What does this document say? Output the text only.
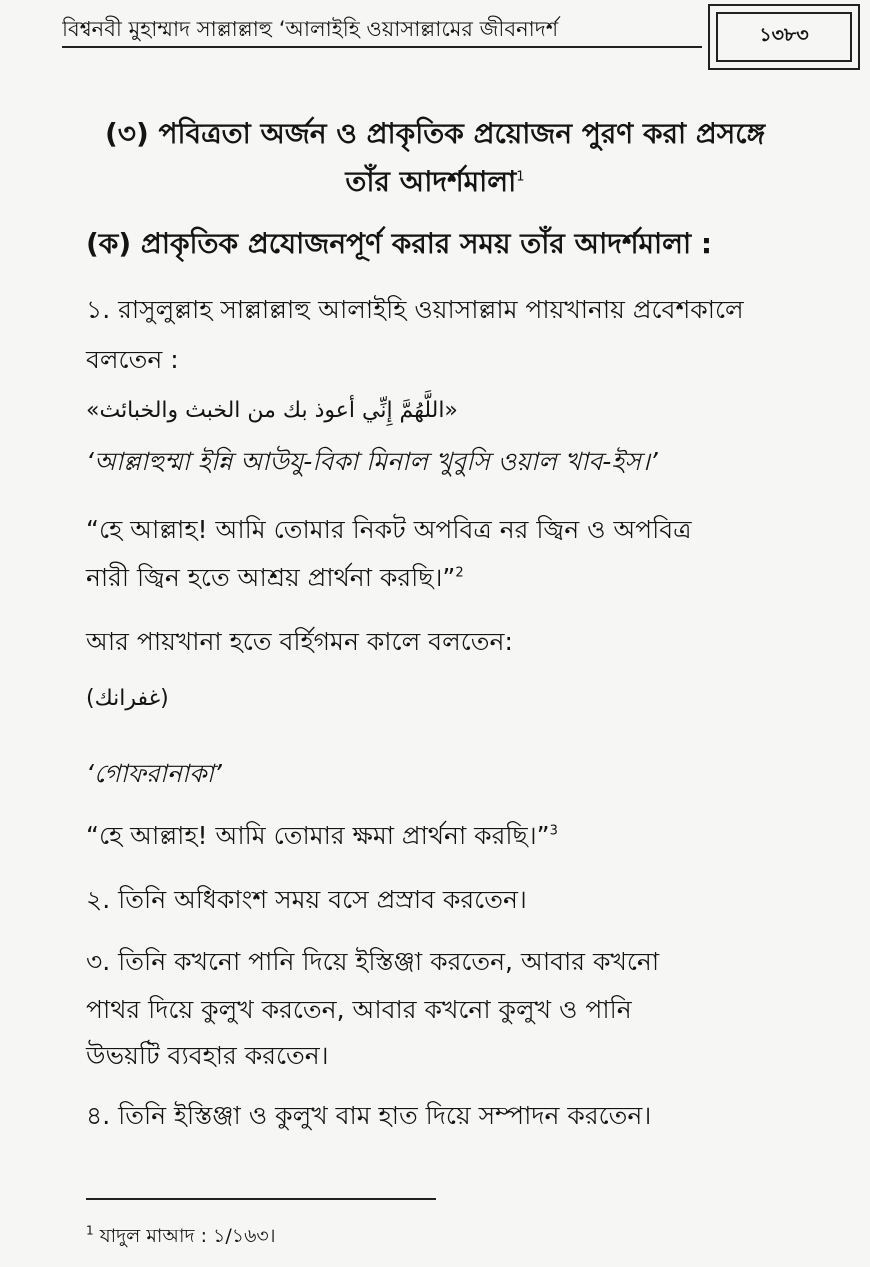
বিশ্বনবী মুহাম্মাদ সাল্লাল্লাহু ‘আলাইহি ওয়াসাল্লামের জীবনাদর্শ	১৩৮৩
(৩) পবিত্রতা অর্জন ও প্রাকৃতিক প্রয়োজন পুরণ করা প্রসঙ্গে
তাঁর আদর্শমালা$^1$
(ক) প্রাকৃতিক প্রযোজনপূর্ণ করার সময় তাঁর আদর্শমালা :
১. রাসুলুল্লাহ সাল্লাল্লাহু আলাইহি ওয়াসাল্লাম পায়খানায় প্রবেশকালে
বলতেন :
«اللَّهُمَّ إِنِّي أعوذ بك من الخبث والخبائث»
‘আল্লাহুম্মা ইন্নি আউযু-বিকা মিনাল খুবুসি ওয়াল খাব-ইস।’
“হে আল্লাহ! আমি তোমার নিকট অপবিত্র নর জ্বিন ও অপবিত্র
নারী জ্বিন হতে আশ্রয় প্রার্থনা করছি।”$^2$
আর পায়খানা হতে বর্হিগমন কালে বলতেন:
(غفرانك)
‘গোফরানাকা’
“হে আল্লাহ! আমি তোমার ক্ষমা প্রার্থনা করছি।”$^3$
২. তিনি অধিকাংশ সময় বসে প্রস্রাব করতেন।
৩. তিনি কখনো পানি দিয়ে ইস্তিঞ্জা করতেন, আবার কখনো
পাথর দিয়ে কুলুখ করতেন, আবার কখনো কুলুখ ও পানি
উভয়টি ব্যবহার করতেন।
৪. তিনি ইস্তিঞ্জা ও কুলুখ বাম হাত দিয়ে সম্পাদন করতেন।
$^1$ যাদুল মাআদ : ১/১৬৩।
